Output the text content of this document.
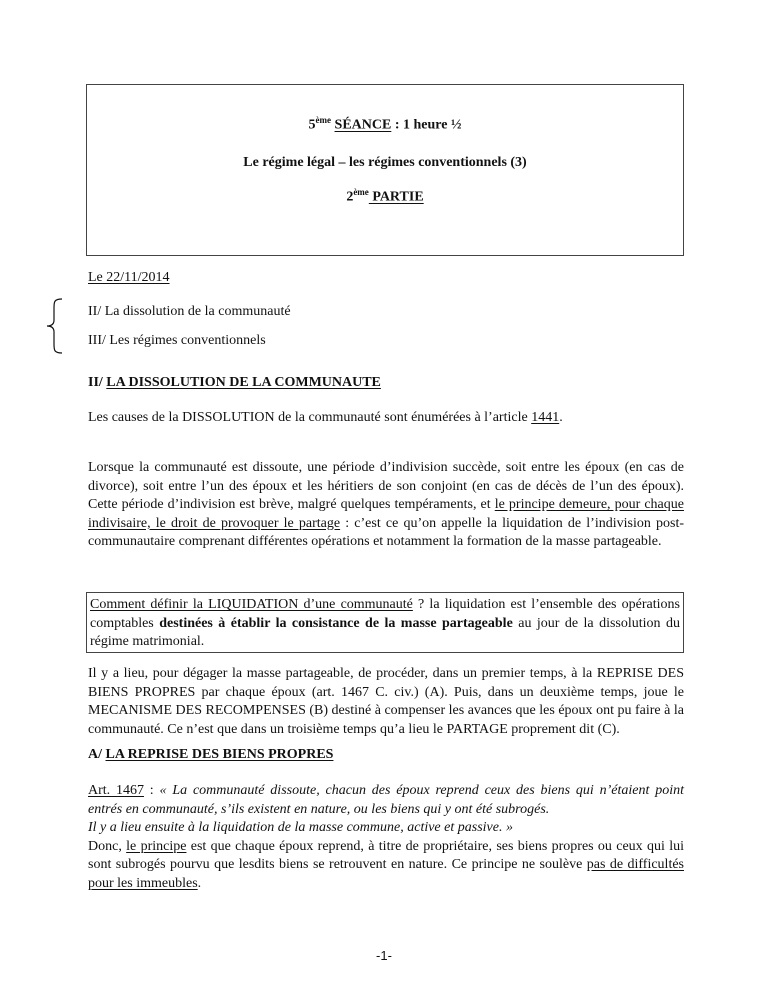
5ème SÉANCE : 1 heure ½
Le régime légal – les régimes conventionnels (3)
2ème PARTIE
Le 22/11/2014
II/ La dissolution de la communauté
III/ Les régimes conventionnels
II/ LA DISSOLUTION DE LA COMMUNAUTE
Les causes de la DISSOLUTION de la communauté sont énumérées à l’article 1441.

Lorsque la communauté est dissoute, une période d’indivision succède, soit entre les époux (en cas de divorce), soit entre l’un des époux et les héritiers de son conjoint (en cas de décès de l’un des époux). Cette période d’indivision est brève, malgré quelques tempéraments, et le principe demeure, pour chaque indivisaire, le droit de provoquer le partage : c’est ce qu’on appelle la liquidation de l’indivision post-communautaire comprenant différentes opérations et notamment la formation de la masse partageable.

Comment définir la LIQUIDATION d’une communauté ? la liquidation est l’ensemble des opérations comptables destinées à établir la consistance de la masse partageable au jour de la dissolution du régime matrimonial.
Il y a lieu, pour dégager la masse partageable, de procéder, dans un premier temps, à la REPRISE DES BIENS PROPRES par chaque époux (art. 1467 C. civ.) (A). Puis, dans un deuxième temps, joue le MECANISME DES RECOMPENSES (B) destiné à compenser les avances que les époux ont pu faire à la communauté. Ce n’est que dans un troisième temps qu’a lieu le PARTAGE proprement dit (C).
A/ LA REPRISE DES BIENS PROPRES

Art. 1467 : « La communauté dissoute, chacun des époux reprend ceux des biens qui n’étaient point entrés en communauté, s’ils existent en nature, ou les biens qui y ont été subrogés.

Il y a lieu ensuite à la liquidation de la masse commune, active et passive. »

Donc, le principe est que chaque époux reprend, à titre de propriétaire, ses biens propres ou ceux qui lui sont subrogés pourvu que lesdits biens se retrouvent en nature. Ce principe ne soulève pas de difficultés pour les immeubles.

-1-
